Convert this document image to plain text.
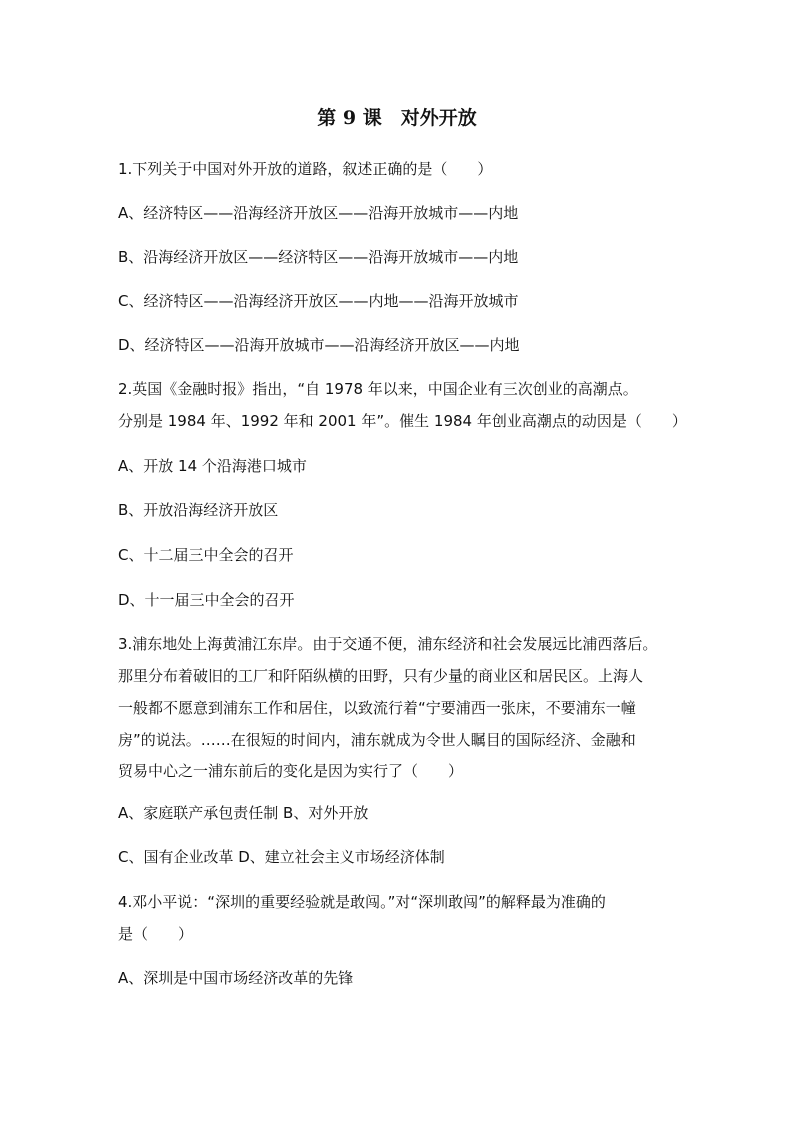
第 9 课　对外开放
1.下列关于中国对外开放的道路，叙述正确的是（　　）
A、经济特区——沿海经济开放区——沿海开放城市——内地
B、沿海经济开放区——经济特区——沿海开放城市——内地
C、经济特区——沿海经济开放区——内地——沿海开放城市
D、经济特区——沿海开放城市——沿海经济开放区——内地
2.英国《金融时报》指出，“自 1978 年以来，中国企业有三次创业的高潮点。
分别是 1984 年、1992 年和 2001 年”。催生 1984 年创业高潮点的动因是（　　）
A、开放 14 个沿海港口城市
B、开放沿海经济开放区
C、十二届三中全会的召开
D、十一届三中全会的召开
3.浦东地处上海黄浦江东岸。由于交通不便，浦东经济和社会发展远比浦西落后。
那里分布着破旧的工厂和阡陌纵横的田野，只有少量的商业区和居民区。上海人
一般都不愿意到浦东工作和居住，以致流行着“宁要浦西一张床，不要浦东一幢
房”的说法。……在很短的时间内，浦东就成为令世人瞩目的国际经济、金融和
贸易中心之一浦东前后的变化是因为实行了（　　）
A、家庭联产承包责任制 B、对外开放
C、国有企业改革 D、建立社会主义市场经济体制
4.邓小平说：“深圳的重要经验就是敢闯。”对“深圳敢闯”的解释最为准确的
是（　　）
A、深圳是中国市场经济改革的先锋
